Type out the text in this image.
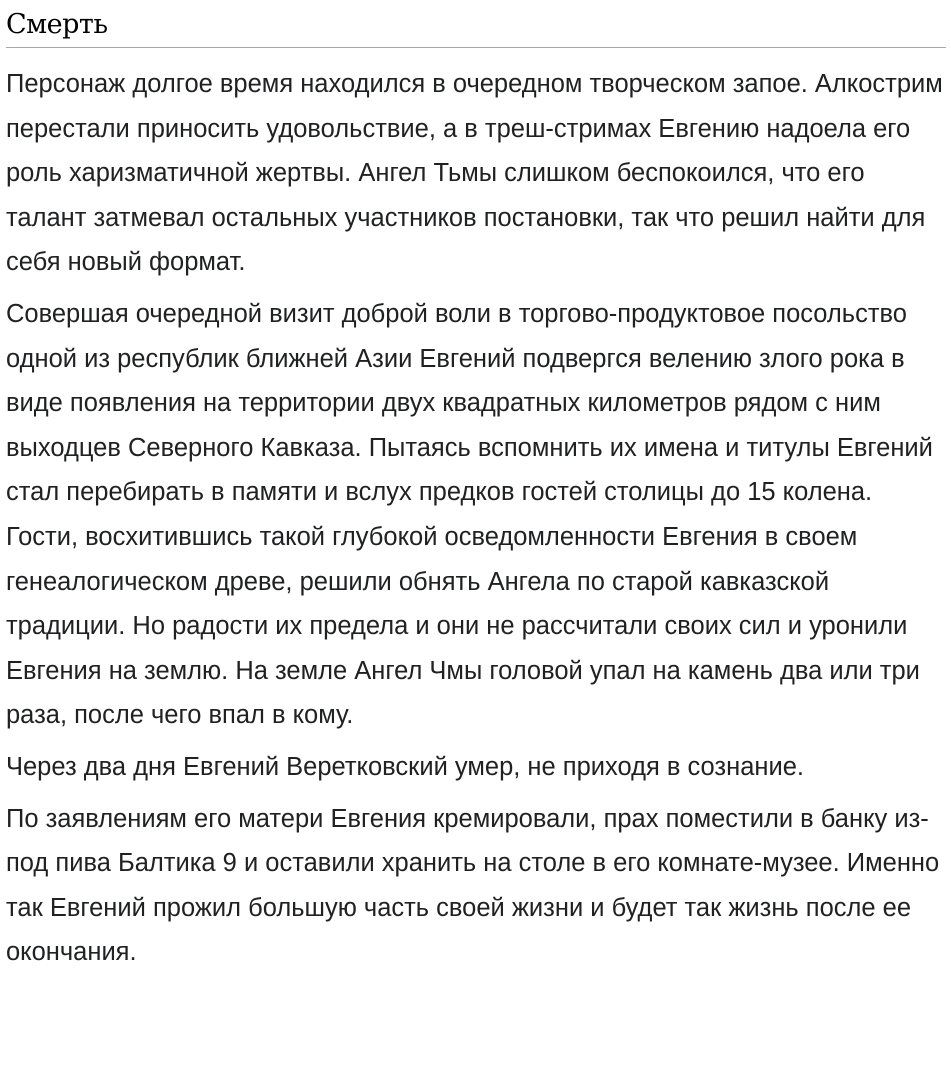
Смерть

Персонаж долгое время находился в очередном творческом запое. Алкострим перестали приносить удовольствие, а в треш-стримах Евгению надоела его роль харизматичной жертвы. Ангел Тьмы слишком беспокоился, что его талант затмевал остальных участников постановки, так что решил найти для себя новый формат.

Совершая очередной визит доброй воли в торгово-продуктовое посольство одной из республик ближней Азии Евгений подвергся велению злого рока в виде появления на территории двух квадратных километров рядом с ним выходцев Северного Кавказа. Пытаясь вспомнить их имена и титулы Евгений стал перебирать в памяти и вслух предков гостей столицы до 15 колена. Гости, восхитившись такой глубокой осведомленности Евгения в своем генеалогическом древе, решили обнять Ангела по старой кавказской традиции. Но радости их предела и они не рассчитали своих сил и уронили Евгения на землю. На земле Ангел Чмы головой упал на камень два или три раза, после чего впал в кому.

Через два дня Евгений Веретковский умер, не приходя в сознание.

По заявлениям его матери Евгения кремировали, прах поместили в банку из-под пива Балтика 9 и оставили хранить на столе в его комнате-музее. Именно так Евгений прожил большую часть своей жизни и будет так жизнь после ее окончания.
